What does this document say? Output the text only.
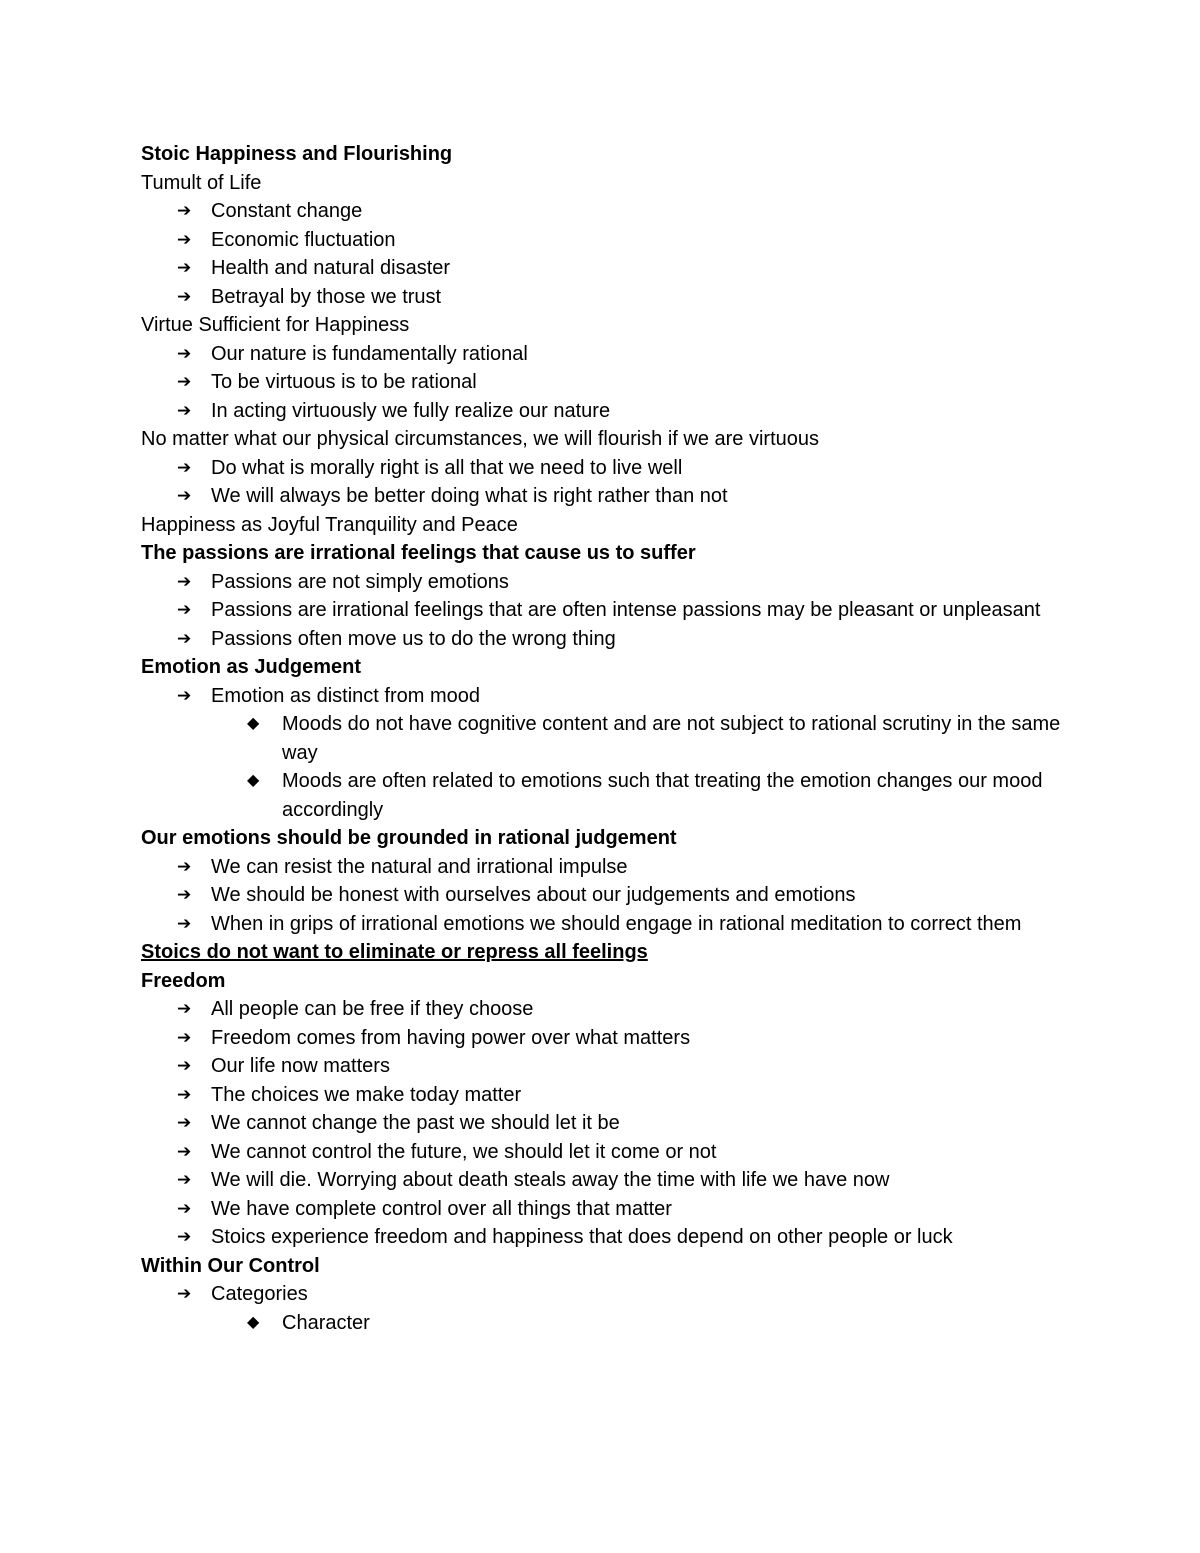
Stoic Happiness and Flourishing
Tumult of Life
➔ Constant change
➔ Economic fluctuation
➔ Health and natural disaster
➔ Betrayal by those we trust
Virtue Sufficient for Happiness
➔ Our nature is fundamentally rational
➔ To be virtuous is to be rational
➔ In acting virtuously we fully realize our nature
No matter what our physical circumstances, we will flourish if we are virtuous
➔ Do what is morally right is all that we need to live well
➔ We will always be better doing what is right rather than not
Happiness as Joyful Tranquility and Peace
The passions are irrational feelings that cause us to suffer
➔ Passions are not simply emotions
➔ Passions are irrational feelings that are often intense passions may be pleasant or unpleasant
➔ Passions often move us to do the wrong thing
Emotion as Judgement
➔ Emotion as distinct from mood
◆ Moods do not have cognitive content and are not subject to rational scrutiny in the same way
◆ Moods are often related to emotions such that treating the emotion changes our mood accordingly
Our emotions should be grounded in rational judgement
➔ We can resist the natural and irrational impulse
➔ We should be honest with ourselves about our judgements and emotions
➔ When in grips of irrational emotions we should engage in rational meditation to correct them
Stoics do not want to eliminate or repress all feelings
Freedom
➔ All people can be free if they choose
➔ Freedom comes from having power over what matters
➔ Our life now matters
➔ The choices we make today matter
➔ We cannot change the past we should let it be
➔ We cannot control the future, we should let it come or not
➔ We will die. Worrying about death steals away the time with life we have now
➔ We have complete control over all things that matter
➔ Stoics experience freedom and happiness that does depend on other people or luck
Within Our Control
➔ Categories
◆ Character
